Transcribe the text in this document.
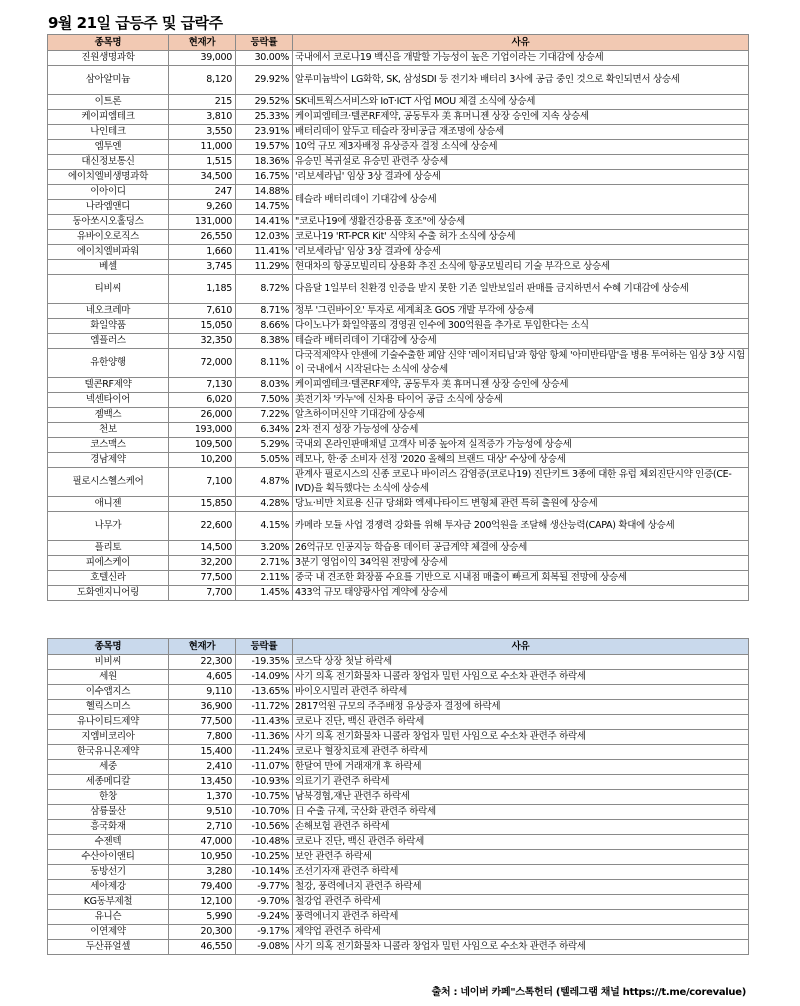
9월 21일 급등주 및 급락주
종목명	현재가	등락률	사유
진원생명과학	39,000	30.00%	국내에서 코로나19 백신을 개발할 가능성이 높은 기업이라는 기대감에 상승세
삼아알미늄	8,120	29.92%	알루미늄박이 LG화학, SK, 삼성SDI 등 전기차 배터리 3사에 공급 중인 것으로 확인되면서 상승세
이트론	215	29.52%	SK네트웍스서비스와 IoT·ICT 사업 MOU 체결 소식에 상승세
케이피엠테크	3,810	25.33%	케이피엠테크·텔콘RF제약, 공동투자 美 휴머니젠 상장 승인에 지속 상승세
나인테크	3,550	23.91%	배터리데이 앞두고 테슬라 장비공급 재조명에 상승세
엠투엔	11,000	19.57%	10억 규모 제3자배정 유상증자 결정 소식에 상승세
대신정보통신	1,515	18.36%	유승민 복귀설로 유승민 관련주 상승세
에이치엘비생명과학	34,500	16.75%	'리보세라닙' 임상 3상 결과에 상승세
이아이디	247	14.88%	테슬라 배터리데이 기대감에 상승세
나라엠앤디	9,260	14.75%	
동아쏘시오홀딩스	131,000	14.41%	"코로나19에 생활건강용품 호조"에 상승세
유바이오로직스	26,550	12.03%	코로나19 'RT-PCR Kit' 식약처 수출 허가 소식에 상승세
에이치엘비파워	1,660	11.41%	'리보세라닙' 임상 3상 결과에 상승세
베셀	3,745	11.29%	현대차의 항공모빌리티 상용화 추진 소식에 항공모빌리티 기술 부각으로 상승세
티비씨	1,185	8.72%	다음달 1일부터 친환경 인증을 받지 못한 기존 일반보일러 판매를 금지하면서 수혜 기대감에 상승세
네오크레마	7,610	8.71%	정부 '그린바이오' 투자로 세계최초 GOS 개발 부각에 상승세
화일약품	15,050	8.66%	다이노나가 화일약품의 경영권 인수에 300억원을 추가로 투입한다는 소식
엠플러스	32,350	8.38%	테슬라 배터리데이 기대감에 상승세
유한양행	72,000	8.11%	다국적제약사 얀센에 기술수출한 폐암 신약 '레이저티닙'과 항암 항체 '아미반타맙'을 병용 투여하는 임상 3상 시험이 국내에서 시작된다는 소식에 상승세
텔콘RF제약	7,130	8.03%	케이피엠테크·텔콘RF제약, 공동투자 美 휴머니젠 상장 승인에 상승세
넥센타이어	6,020	7.50%	美전기차 '카누'에 신차용 타이어 공급 소식에 상승세
젬백스	26,000	7.22%	알츠하이머신약 기대감에 상승세
천보	193,000	6.34%	2차 전지 성장 가능성에 상승세
코스맥스	109,500	5.29%	국내외 온라인판매채널 고객사 비중 높아져 실적증가 가능성에 상승세
경남제약	10,200	5.05%	레모나, 한·중 소비자 선정 '2020 올해의 브랜드 대상' 수상에 상승세
필로시스헬스케어	7,100	4.87%	관계사 필로시스의 신종 코로나 바이러스 감염증(코로나19) 진단키트 3종에 대한 유럽 체외진단시약 인증(CE-IVD)을 획득했다는 소식에 상승세
애니젠	15,850	4.28%	당뇨·비만 치료용 신규 당쇄화 엑세나타이드 변형체 관련 특허 출원에 상승세
나무가	22,600	4.15%	카메라 모듈 사업 경쟁력 강화를 위해 투자금 200억원을 조달해 생산능력(CAPA) 확대에 상승세
플리토	14,500	3.20%	26억규모 인공지능 학습용 데이터 공급계약 체결에 상승세
피에스케이	32,200	2.71%	3분기 영업이익 34억원 전망에 상승세
호텔신라	77,500	2.11%	중국 내 견조한 화장품 수요를 기반으로 시내점 매출이 빠르게 회복될 전망에 상승세
도화엔지니어링	7,700	1.45%	433억 규모 태양광사업 계약에 상승세
종목명	현재가	등락률	사유
비비씨	22,300	-19.35%	코스닥 상장 첫날 하락세
세원	4,605	-14.09%	사기 의혹 전기화물차 니콜라 창업자 밀턴 사임으로 수소차 관련주 하락세
이수앱지스	9,110	-13.65%	바이오시밀러 관련주 하락세
헬릭스미스	36,900	-11.72%	2817억원 규모의 주주배정 유상증자 결정에 하락세
유나이티드제약	77,500	-11.43%	코로나 진단, 백신 관련주 하락세
지엠비코리아	7,800	-11.36%	사기 의혹 전기화물차 니콜라 창업자 밀턴 사임으로 수소차 관련주 하락세
한국유니온제약	15,400	-11.24%	코로나 혈장치료제 관련주 하락세
세중	2,410	-11.07%	한달여 만에 거래재개 후 하락세
세종메디칼	13,450	-10.93%	의료기기 관련주 하락세
한창	1,370	-10.75%	남북경협,재난 관련주 하락세
삼륭물산	9,510	-10.70%	日 수출 규제, 국산화 관련주 하락세
흥국화재	2,710	-10.56%	손해보험 관련주 하락세
수젠텍	47,000	-10.48%	코로나 진단, 백신 관련주 하락세
수산아이앤티	10,950	-10.25%	보안 관련주 하락세
동방선기	3,280	-10.14%	조선기자재 관련주 하락세
세아제강	79,400	-9.77%	철강, 풍력에너지 관련주 하락세
KG동부제철	12,100	-9.70%	철강업 관련주 하락세
유니슨	5,990	-9.24%	풍력에너지 관련주 하락세
이연제약	20,300	-9.17%	제약업 관련주 하락세
두산퓨얼셀	46,550	-9.08%	사기 의혹 전기화물차 니콜라 창업자 밀턴 사임으로 수소차 관련주 하락세
출처 : 네이버 카페"스톡헌터 (텔레그램 채널 https://t.me/corevalue)
